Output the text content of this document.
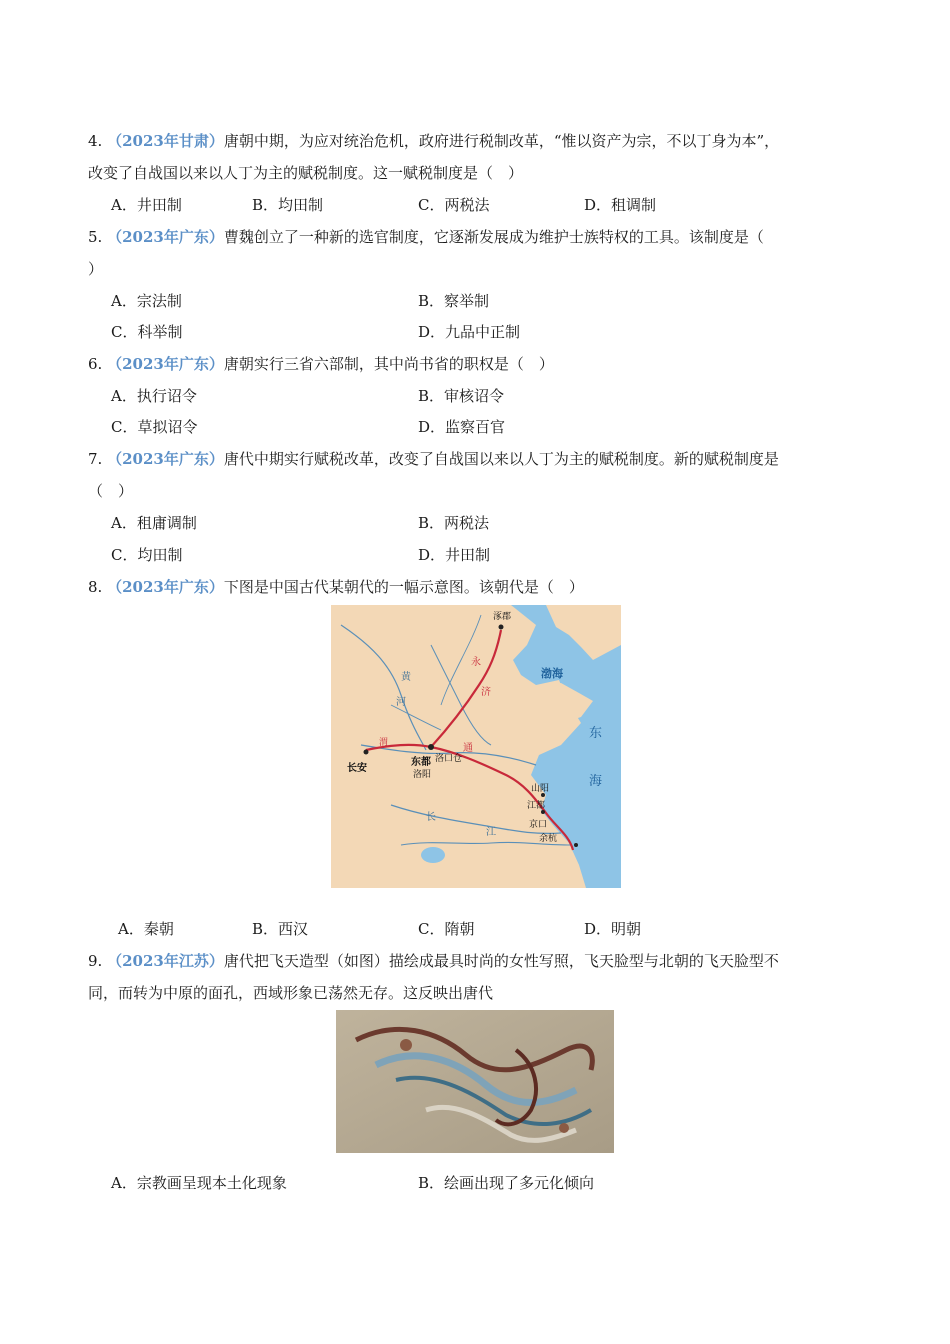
4. （2023年甘肃）唐朝中期，为应对统治危机，政府进行税制改革，“惟以资产为宗，不以丁身为本”，
改变了自战国以来以人丁为主的赋税制度。这一赋税制度是（　）
A．井田制	B．均田制	C．两税法	D．租调制
5. （2023年广东）曹魏创立了一种新的选官制度，它逐渐发展成为维护士族特权的工具。该制度是（
）
A．宗法制	B．察举制
C．科举制	D．九品中正制
6. （2023年广东）唐朝实行三省六部制，其中尚书省的职权是（　）
A．执行诏令	B．审核诏令
C．草拟诏令	D．监察百官
7. （2023年广东）唐代中期实行赋税改革，改变了自战国以来以人丁为主的赋税制度。新的赋税制度是
（　）
A．租庸调制	B．两税法
C．均田制	D．井田制
8. （2023年广东）下图是中国古代某朝代的一幅示意图。该朝代是（　）
涿郡
渤海
东
海
长安
东都
洛阳
洛口仓
山阳
江都
京口
余杭
黄
河
济
通
永
渭
长
江
A．秦朝	B．西汉	C．隋朝	D．明朝
9. （2023年江苏）唐代把飞天造型（如图）描绘成最具时尚的女性写照，飞天脸型与北朝的飞天脸型不
同，而转为中原的面孔，西域形象已荡然无存。这反映出唐代
A．宗教画呈现本土化现象	B．绘画出现了多元化倾向
